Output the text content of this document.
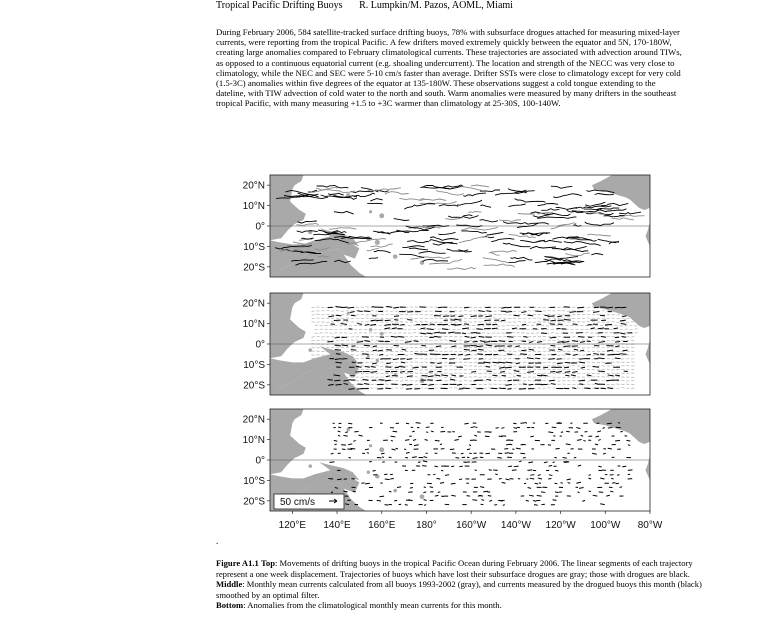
Tropical Pacific Drifting Buoys R. Lumpkin/M. Pazos, AOML, Miami
During February 2006, 584 satellite-tracked surface drifting buoys, 78% with subsurface drogues attached for measuring mixed-layer currents, were reporting from the tropical Pacific. A few drifters moved extremely quickly between the equator and 5N, 170-180W, creating large anomalies compared to February climatological currents. These trajectories are associated with advection around TIWs, as opposed to a continuous equatorial current (e.g. shoaling undercurrent). The location and strength of the NECC was very close to climatology, while the NEC and SEC were 5-10 cm/s faster than average. Drifter SSTs were close to climatology except for very cold (1.5-3C) anomalies within five degrees of the equator at 135-180W. These observations suggest a cold tongue extending to the dateline, with TIW advection of cold water to the north and south. Warm anomalies were measured by many drifters in the southeast tropical Pacific, with many measuring +1.5 to +3C warmer than climatology at 25-30S, 100-140W.
20°N
10°N
0°
10°S
20°S
20°N
10°N
0°
10°S
20°S
20°N
10°N
0°
10°S
20°S 50 cm/s
120°E 140°E 160°E 180° 160°W 140°W 120°W 100°W 80°W
.

Figure A1.1 Top: Movements of drifting buoys in the tropical Pacific Ocean during February 2006. The linear segments of each trajectory represent a one week displacement. Trajectories of buoys which have lost their subsurface drogues are gray; those with drogues are black.

Middle: Monthly mean currents calculated from all buoys 1993-2002 (gray), and currents measured by the drogued buoys this month (black) smoothed by an optimal filter.

Bottom: Anomalies from the climatological monthly mean currents for this month.
